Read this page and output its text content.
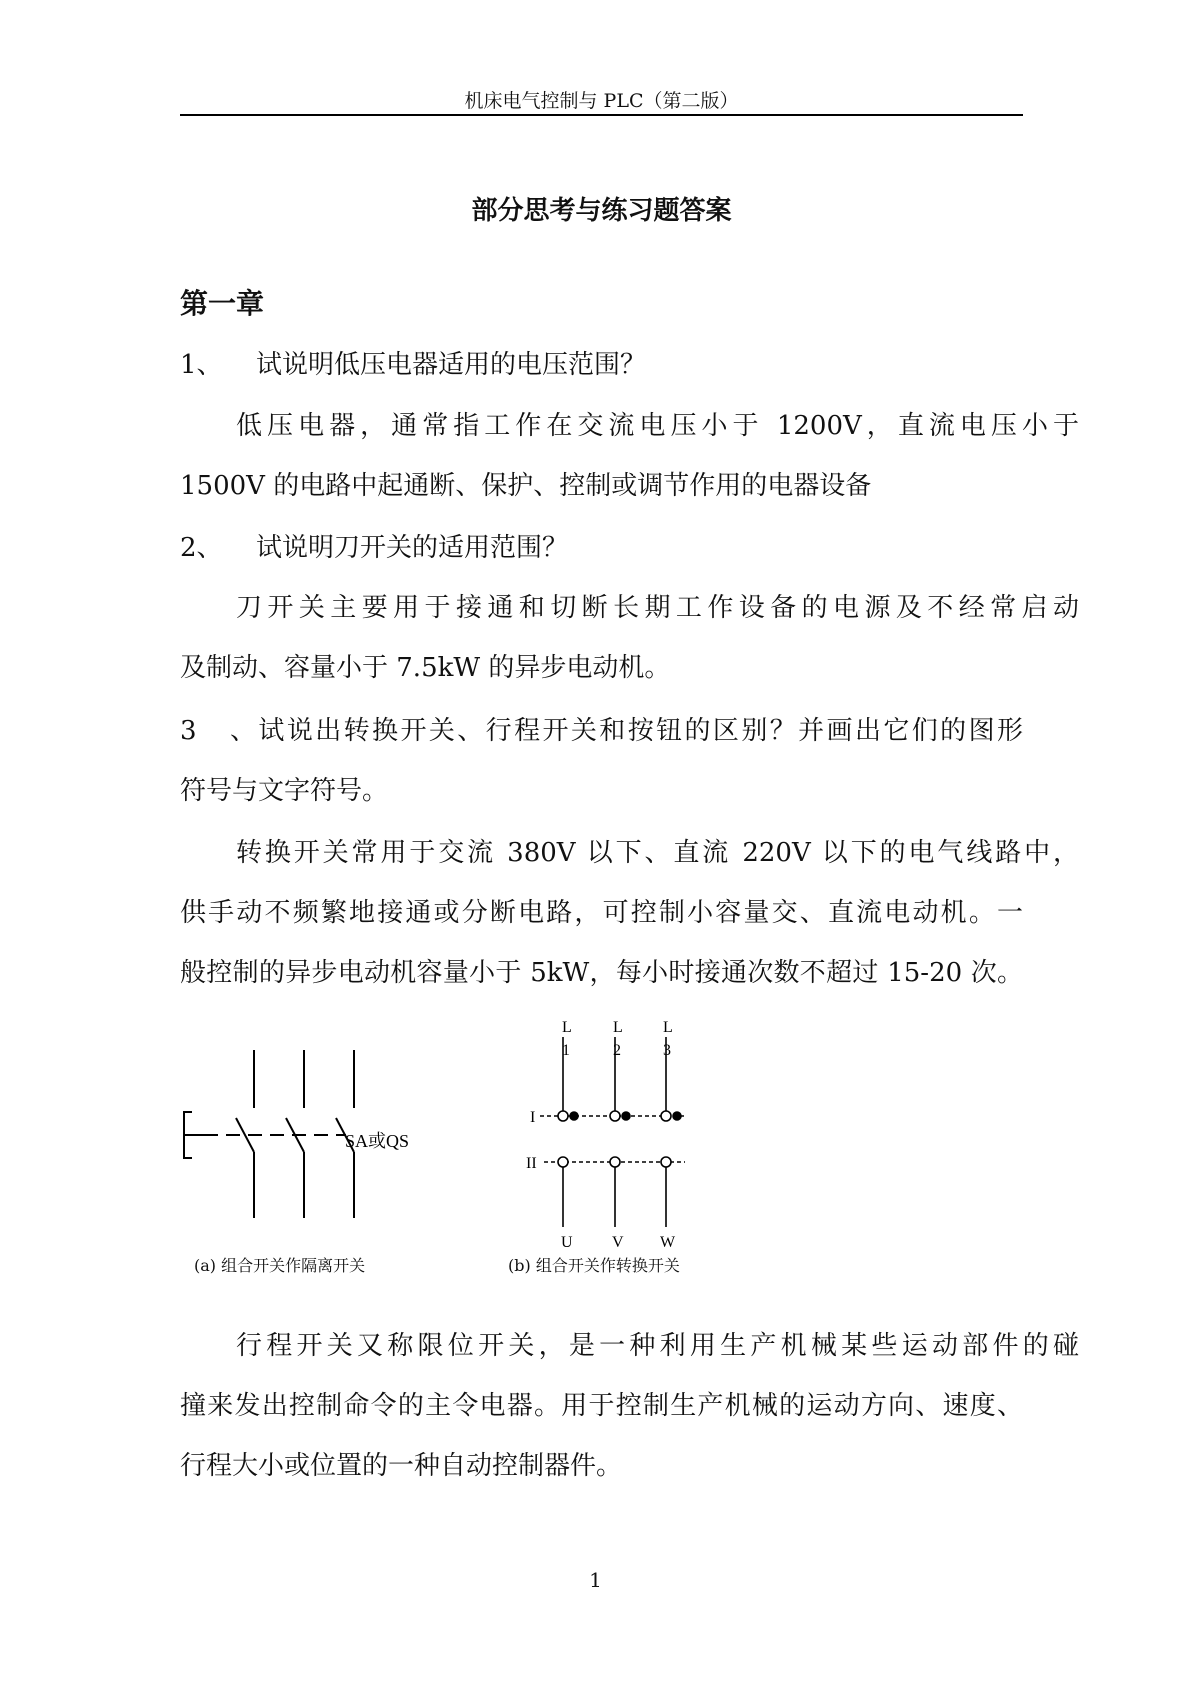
机床电气控制与 PLC（第二版）
部分思考与练习题答案
第一章
1、 试说明低压电器适用的电压范围？
低压电器，通常指工作在交流电压小于 1200V，直流电压小于
1500V 的电路中起通断、保护、控制或调节作用的电器设备
2、 试说明刀开关的适用范围？
刀开关主要用于接通和切断长期工作设备的电源及不经常启动
及制动、容量小于 7.5kW 的异步电动机。
3、试说出转换开关、行程开关和按钮的区别？并画出它们的图形
符号与文字符号。
转换开关常用于交流 380V 以下、直流 220V 以下的电气线路中，
供手动不频繁地接通或分断电路，可控制小容量交、直流电动机。一
般控制的异步电动机容量小于 5kW，每小时接通次数不超过 15-20 次。
SA或QS
(a) 组合开关作隔离开关
L
1
L
2
L
3
I
II
U V W
(b) 组合开关作转换开关
行程开关又称限位开关，是一种利用生产机械某些运动部件的碰
撞来发出控制命令的主令电器。用于控制生产机械的运动方向、速度、
行程大小或位置的一种自动控制器件。
1
